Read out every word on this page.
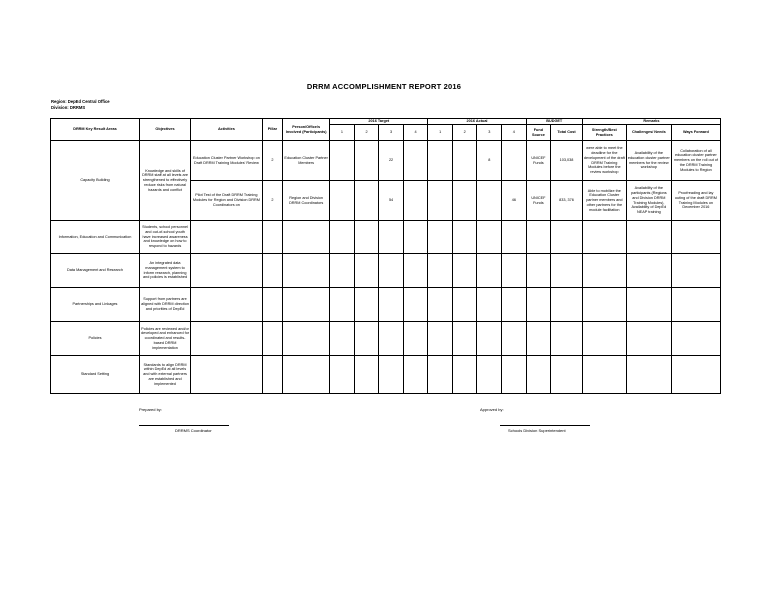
DRRM ACCOMPLISHMENT REPORT 2016
Region: DepEd Central Office
Division: DRRMS
DRRM Key Result Areas	Objectives	Activities	Pillar	Person/Office/s Involved (Participants)	2016 Target				2016 Actual				BUDGET		Remarks		
					1	2	3	4	1	2	3	4	Fund Source	Total Cost	Strength/Best Practices	Challenges/ Needs	Ways Forward
Capacity Building	Knowledge and skills of DRRM staff at all levels are strengthened to effectively reduce risks from natural hazards and conflict	Education Cluster Partner Workshop on Draft DRRM Training Modules' Review	2	Education Cluster Partner Members			22				8		UNICEF Funds	103,038	were able to meet the deadline for the development of the draft DRRM Training Modules before the review workshop	Availability of the education cluster partner members for the review workshop	Collaboration of all education cluster partner members on the roll out of the DRRM Training Modules to Region
		Pilot Test of the Draft DRRM Training Modules for Region and Division DRRM Coordinators on	2	Region and Division DRRM Coordinators			54					46	UNICEF Funds	833, 376	Able to mobilize the Education Cluster partner members and other partners for the module facilitation	Availability of the participants (Regions and Division DRRM Training Modules), Availability of DepEd NEAP training	Proofreading and lay outing of the draft DRRM Training Modules on December 2016
Information, Education and Communication	Students, school personnel and out-of-school youth have increased awareness and knowledge on how to respond to hazards																
Data Management and Research	An integrated data management system to inform research, planning and policies is established																
Partnerships and Linkages	Support from partners are aligned with DRRM direction and priorities of DepEd																
Policies	Policies are reviewed and/or developed and enhanced for coordinated and results-based DRRM implementation																
Standard Setting	Standards to align DRRM within DepEd at all levels and with external partners are established and implemented																
Prepared by:
DRRMS Coordinator
Approved by:
Schools Division Superintendent
